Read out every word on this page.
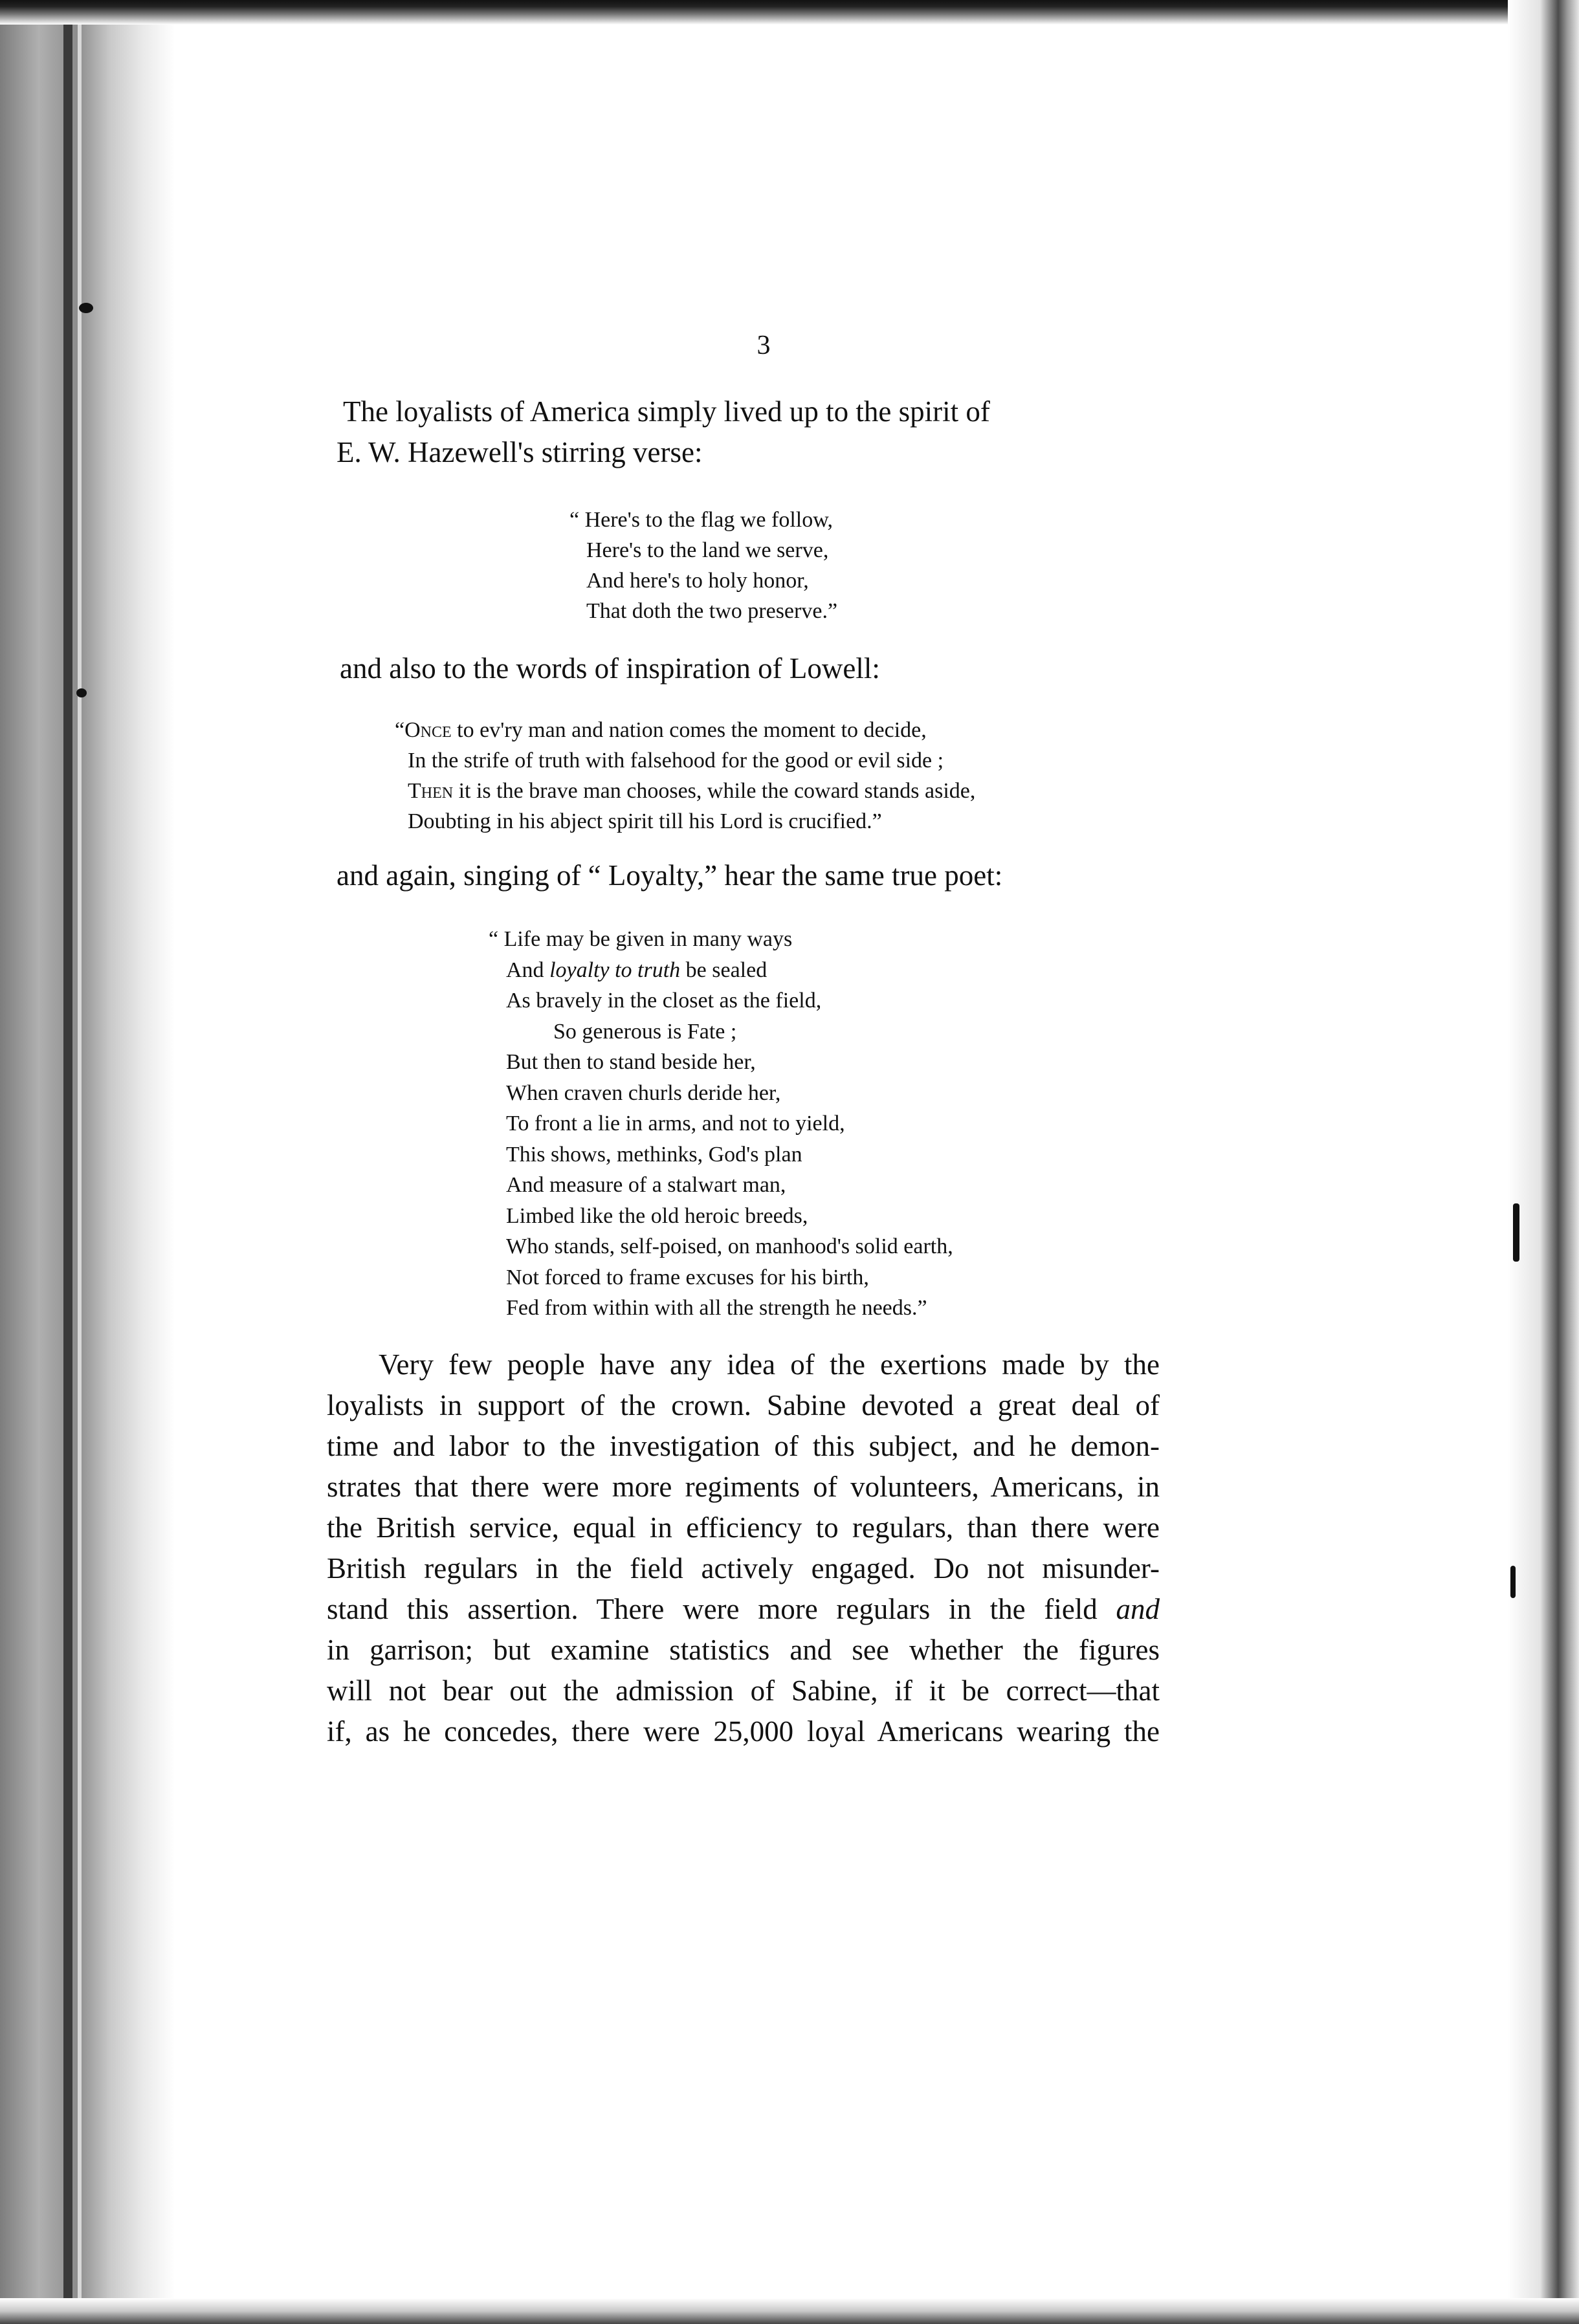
3

The loyalists of America simply lived up to the spirit of
E. W. Hazewell's stirring verse:

“ Here's to the flag we follow,
Here's to the land we serve,
And here's to holy honor,
That doth the two preserve.”

and also to the words of inspiration of Lowell:

“Once to ev'ry man and nation comes the moment to decide,
In the strife of truth with falsehood for the good or evil side ;
Then it is the brave man chooses, while the coward stands aside,
Doubting in his abject spirit till his Lord is crucified.”

and again, singing of “ Loyalty,” hear the same true poet:

“ Life may be given in many ways
And loyalty to truth be sealed
As bravely in the closet as the field,
So generous is Fate ;
But then to stand beside her,
When craven churls deride her,
To front a lie in arms, and not to yield,
This shows, methinks, God's plan
And measure of a stalwart man,
Limbed like the old heroic breeds,
Who stands, self-poised, on manhood's solid earth,
Not forced to frame excuses for his birth,
Fed from within with all the strength he needs.”

Very few people have any idea of the exertions made by the
loyalists in support of the crown. Sabine devoted a great deal of
time and labor to the investigation of this subject, and he demon-
strates that there were more regiments of volunteers, Americans, in
the British service, equal in efficiency to regulars, than there were
British regulars in the field actively engaged. Do not misunder-
stand this assertion. There were more regulars in the field and
in garrison; but examine statistics and see whether the figures
will not bear out the admission of Sabine, if it be correct—that
if, as he concedes, there were 25,000 loyal Americans wearing the
